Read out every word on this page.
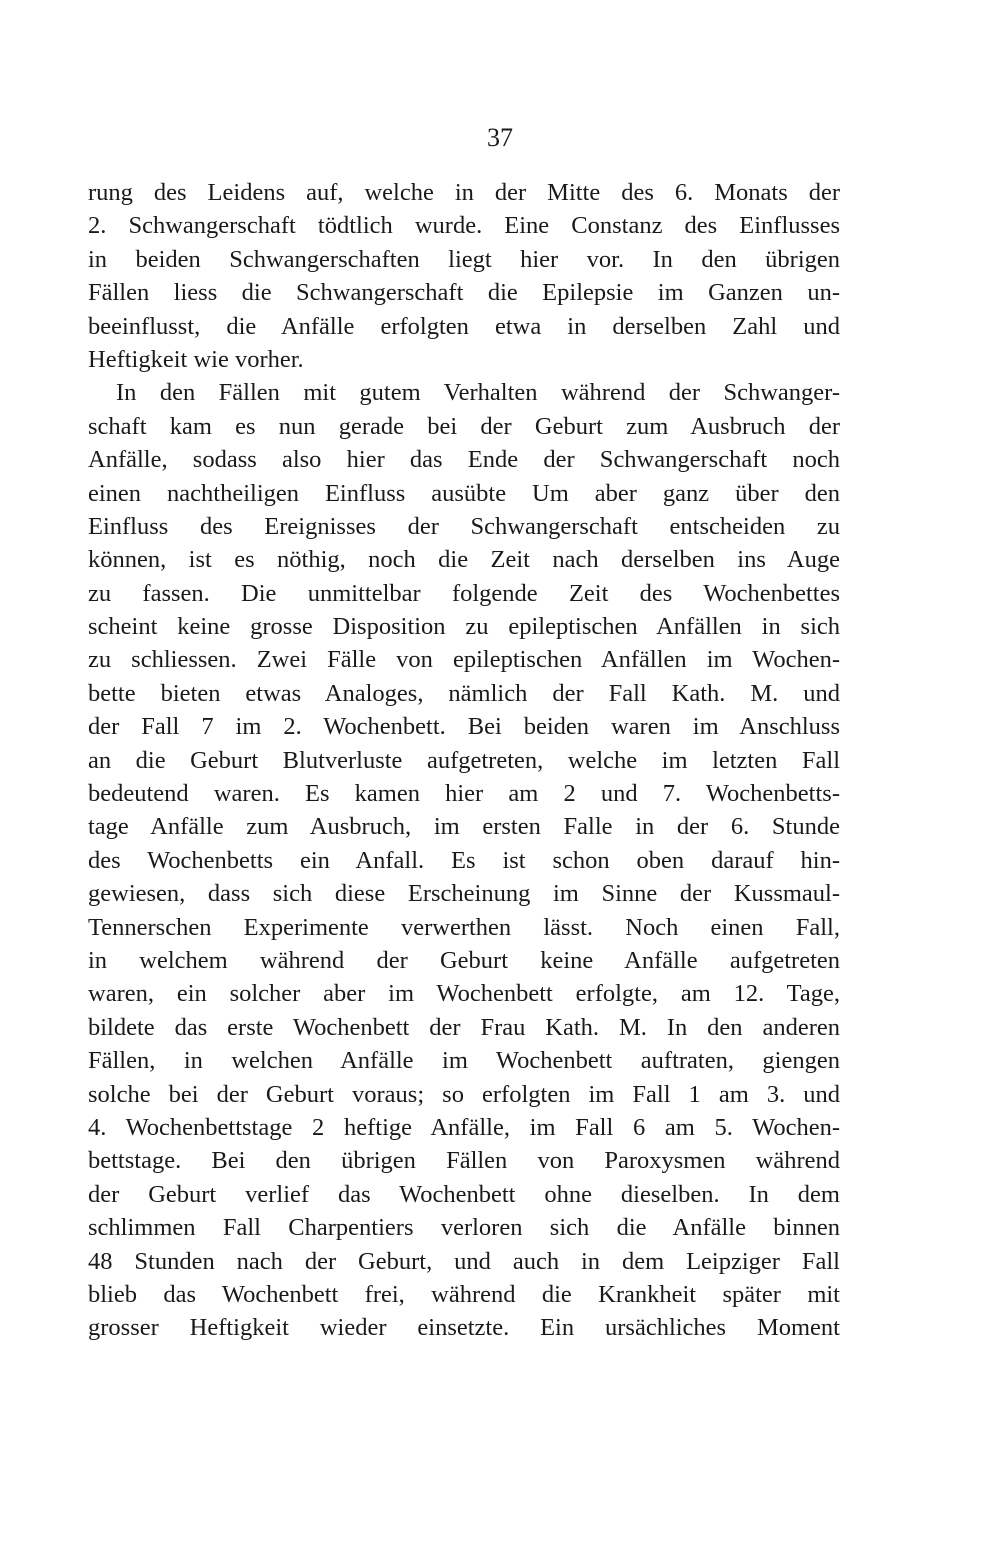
37
rung des Leidens auf, welche in der Mitte des 6. Monats der
2. Schwangerschaft tödtlich wurde. Eine Constanz des Einflusses
in beiden Schwangerschaften liegt hier vor. In den übrigen
Fällen liess die Schwangerschaft die Epilepsie im Ganzen un-
beeinflusst, die Anfälle erfolgten etwa in derselben Zahl und
Heftigkeit wie vorher.
In den Fällen mit gutem Verhalten während der Schwanger-
schaft kam es nun gerade bei der Geburt zum Ausbruch der
Anfälle, sodass also hier das Ende der Schwangerschaft noch
einen nachtheiligen Einfluss ausübte Um aber ganz über den
Einfluss des Ereignisses der Schwangerschaft entscheiden zu
können, ist es nöthig, noch die Zeit nach derselben ins Auge
zu fassen. Die unmittelbar folgende Zeit des Wochenbettes
scheint keine grosse Disposition zu epileptischen Anfällen in sich
zu schliessen. Zwei Fälle von epileptischen Anfällen im Wochen-
bette bieten etwas Analoges, nämlich der Fall Kath. M. und
der Fall 7 im 2. Wochenbett. Bei beiden waren im Anschluss
an die Geburt Blutverluste aufgetreten, welche im letzten Fall
bedeutend waren. Es kamen hier am 2 und 7. Wochenbetts-
tage Anfälle zum Ausbruch, im ersten Falle in der 6. Stunde
des Wochenbetts ein Anfall. Es ist schon oben darauf hin-
gewiesen, dass sich diese Erscheinung im Sinne der Kussmaul-
Tennerschen Experimente verwerthen lässt. Noch einen Fall,
in welchem während der Geburt keine Anfälle aufgetreten
waren, ein solcher aber im Wochenbett erfolgte, am 12. Tage,
bildete das erste Wochenbett der Frau Kath. M. In den anderen
Fällen, in welchen Anfälle im Wochenbett auftraten, giengen
solche bei der Geburt voraus; so erfolgten im Fall 1 am 3. und
4. Wochenbettstage 2 heftige Anfälle, im Fall 6 am 5. Wochen-
bettstage. Bei den übrigen Fällen von Paroxysmen während
der Geburt verlief das Wochenbett ohne dieselben. In dem
schlimmen Fall Charpentiers verloren sich die Anfälle binnen
48 Stunden nach der Geburt, und auch in dem Leipziger Fall
blieb das Wochenbett frei, während die Krankheit später mit
grosser Heftigkeit wieder einsetzte. Ein ursächliches Moment
